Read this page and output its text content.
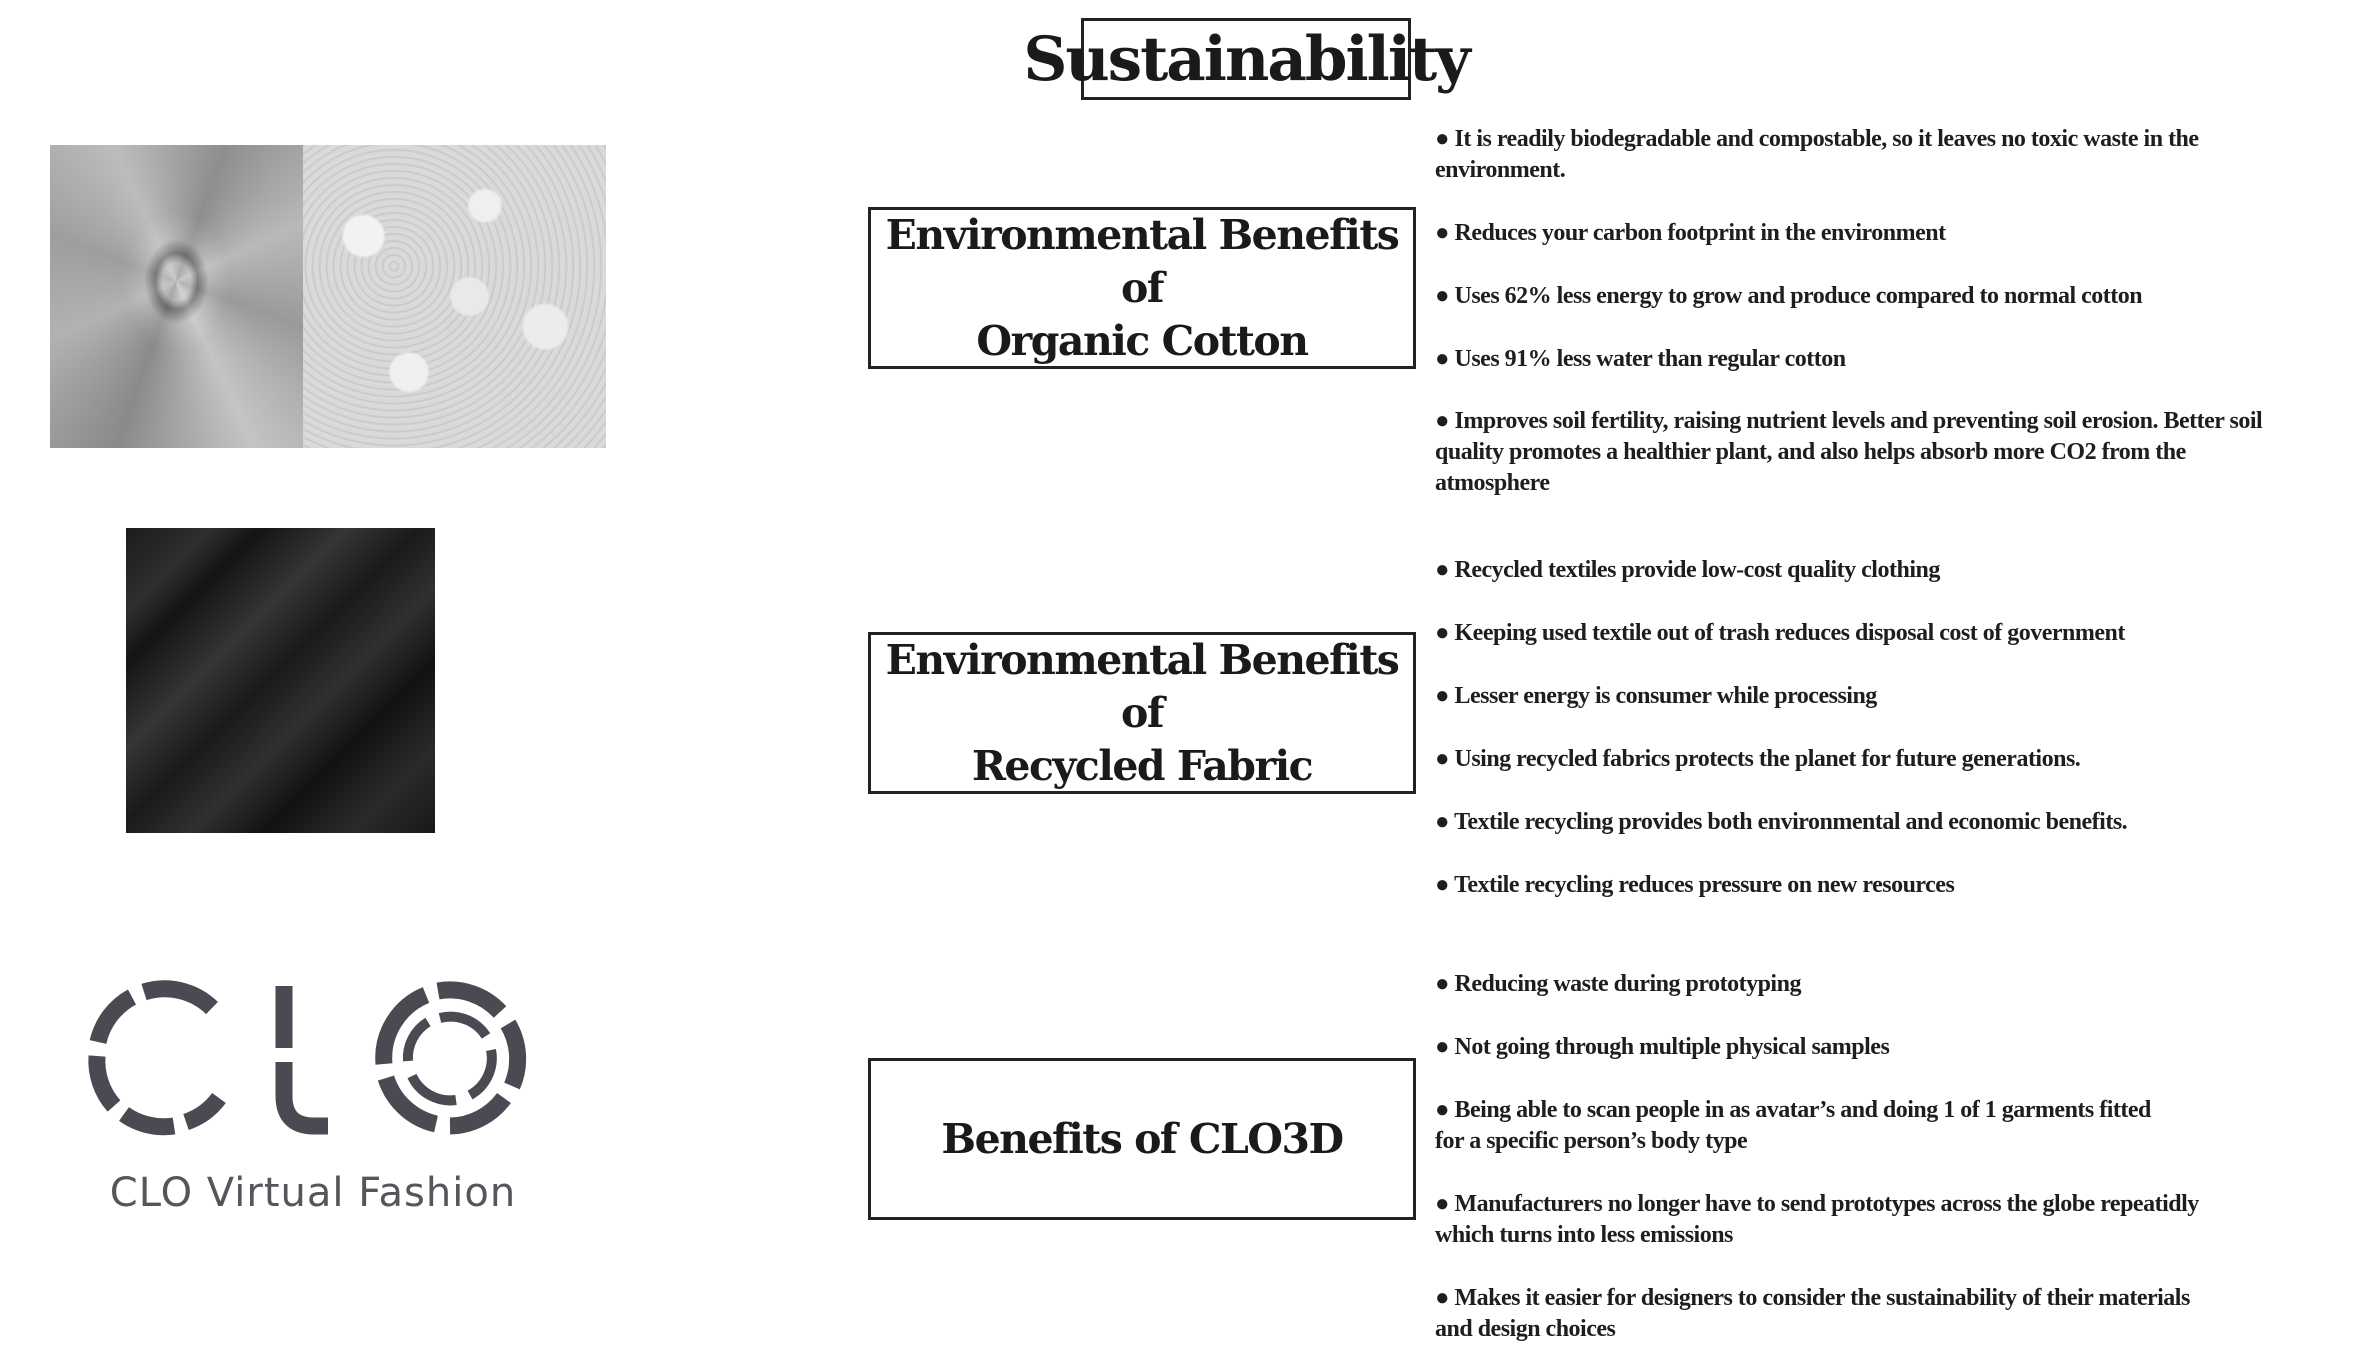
Sustainability
CLO Virtual Fashion
Environmental Benefits of
Organic Cotton
● It is readily biodegradable and compostable, so it leaves no toxic waste in the
environment.
● Reduces your carbon footprint in the environment
● Uses 62% less energy to grow and produce compared to normal cotton
● Uses 91% less water than regular cotton
● Improves soil fertility, raising nutrient levels and preventing soil erosion. Better soil
quality promotes a healthier plant, and also helps absorb more CO2 from the
atmosphere
Environmental Benefits of
Recycled Fabric
● Recycled textiles provide low-cost quality clothing
● Keeping used textile out of trash reduces disposal cost of government
● Lesser energy is consumer while processing
● Using recycled fabrics protects the planet for future generations.
● Textile recycling provides both environmental and economic benefits.
● Textile recycling reduces pressure on new resources
Benefits of CLO3D
● Reducing waste during prototyping
● Not going through multiple physical samples
● Being able to scan people in as avatar’s and doing 1 of 1 garments fitted
for a specific person’s body type
● Manufacturers no longer have to send prototypes across the globe repeatidly
which turns into less emissions
● Makes it easier for designers to consider the sustainability of their materials
and design choices
